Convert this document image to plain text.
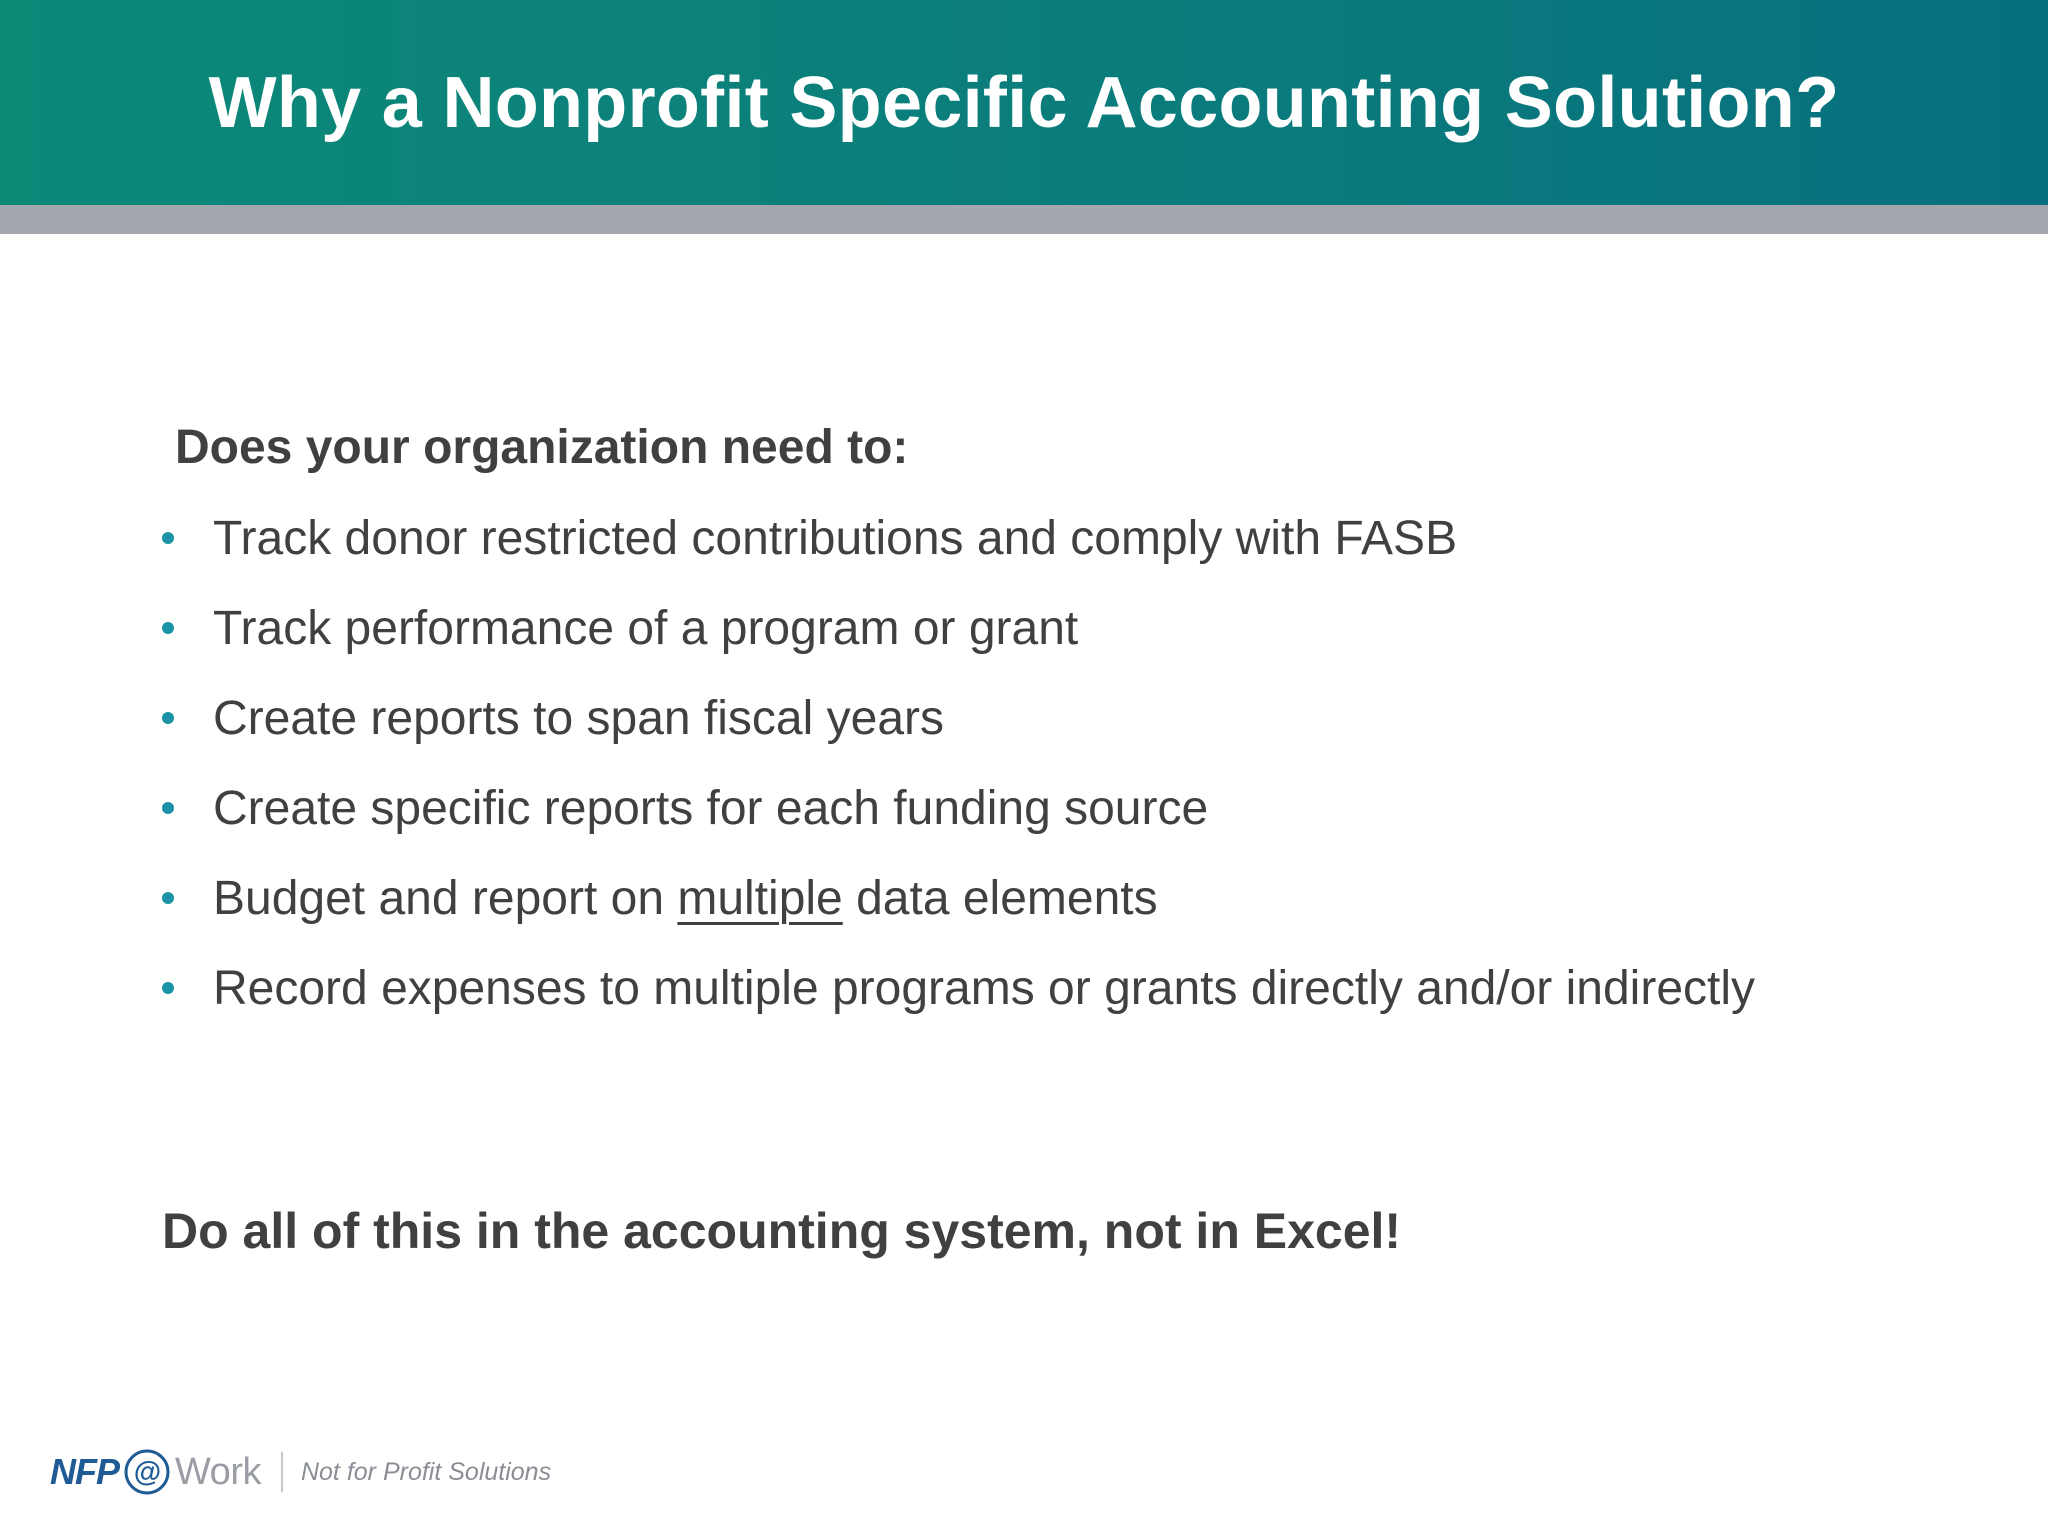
Why a Nonprofit Specific Accounting Solution?
Does your organization need to:
Track donor restricted contributions and comply with FASB
Track performance of a program or grant
Create reports to span fiscal years
Create specific reports for each funding source
Budget and report on multiple data elements
Record expenses to multiple programs or grants directly and/or indirectly
Do all of this in the accounting system, not in Excel!
NFP @ Work Not for Profit Solutions
